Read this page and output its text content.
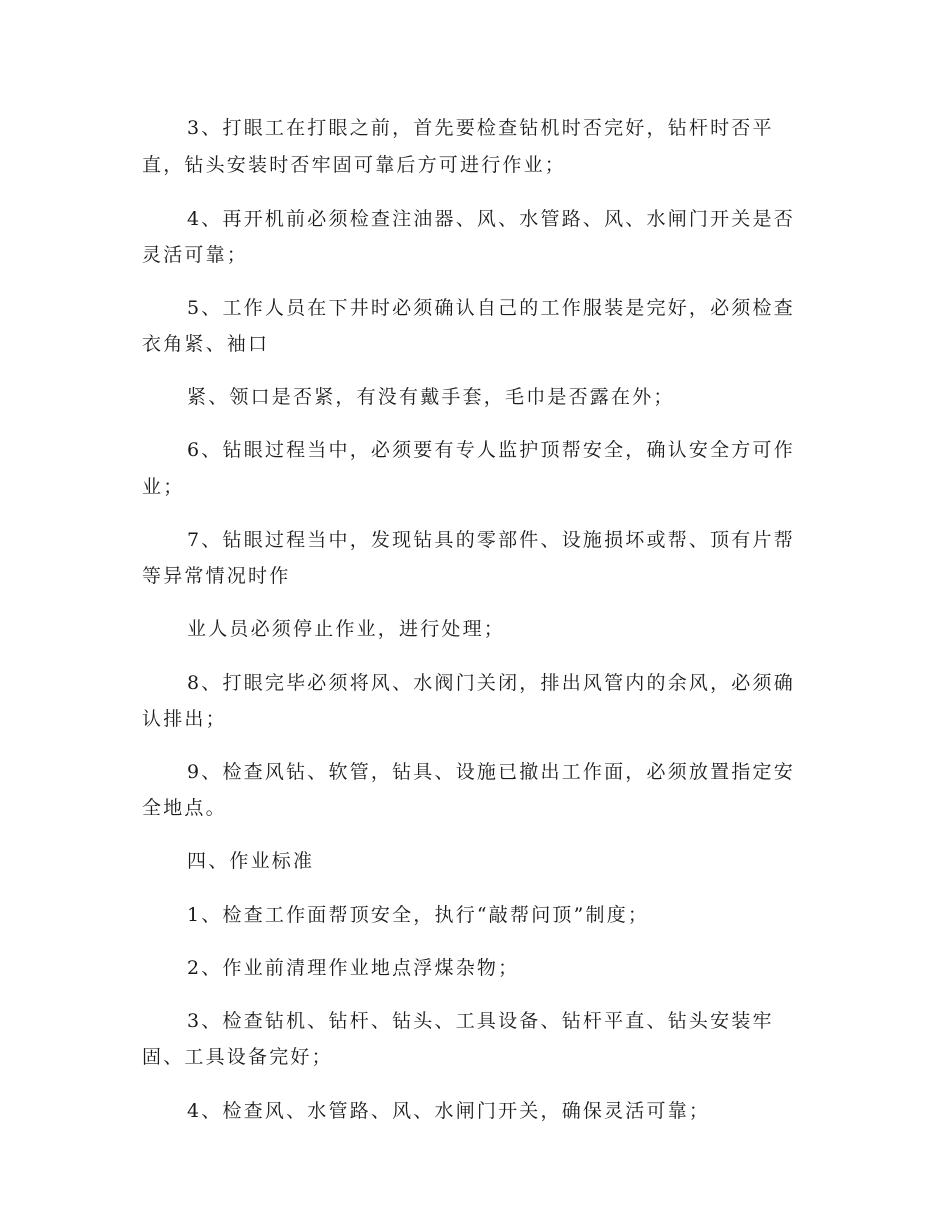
3、打眼工在打眼之前，首先要检查钻机时否完好，钻杆时否平
直，钻头安装时否牢固可靠后方可进行作业；
4、再开机前必须检查注油器、风、水管路、风、水闸门开关是否
灵活可靠；
5、工作人员在下井时必须确认自己的工作服装是完好，必须检查
衣角紧、袖口
紧、领口是否紧，有没有戴手套，毛巾是否露在外；
6、钻眼过程当中，必须要有专人监护顶帮安全，确认安全方可作
业；
7、钻眼过程当中，发现钻具的零部件、设施损坏或帮、顶有片帮
等异常情况时作
业人员必须停止作业，进行处理；
8、打眼完毕必须将风、水阀门关闭，排出风管内的余风，必须确
认排出；
9、检查风钻、软管，钻具、设施已撤出工作面，必须放置指定安
全地点。
四、作业标准
1、检查工作面帮顶安全，执行“敲帮问顶”制度；
2、作业前清理作业地点浮煤杂物；
3、检查钻机、钻杆、钻头、工具设备、钻杆平直、钻头安装牢
固、工具设备完好；
4、检查风、水管路、风、水闸门开关，确保灵活可靠；
